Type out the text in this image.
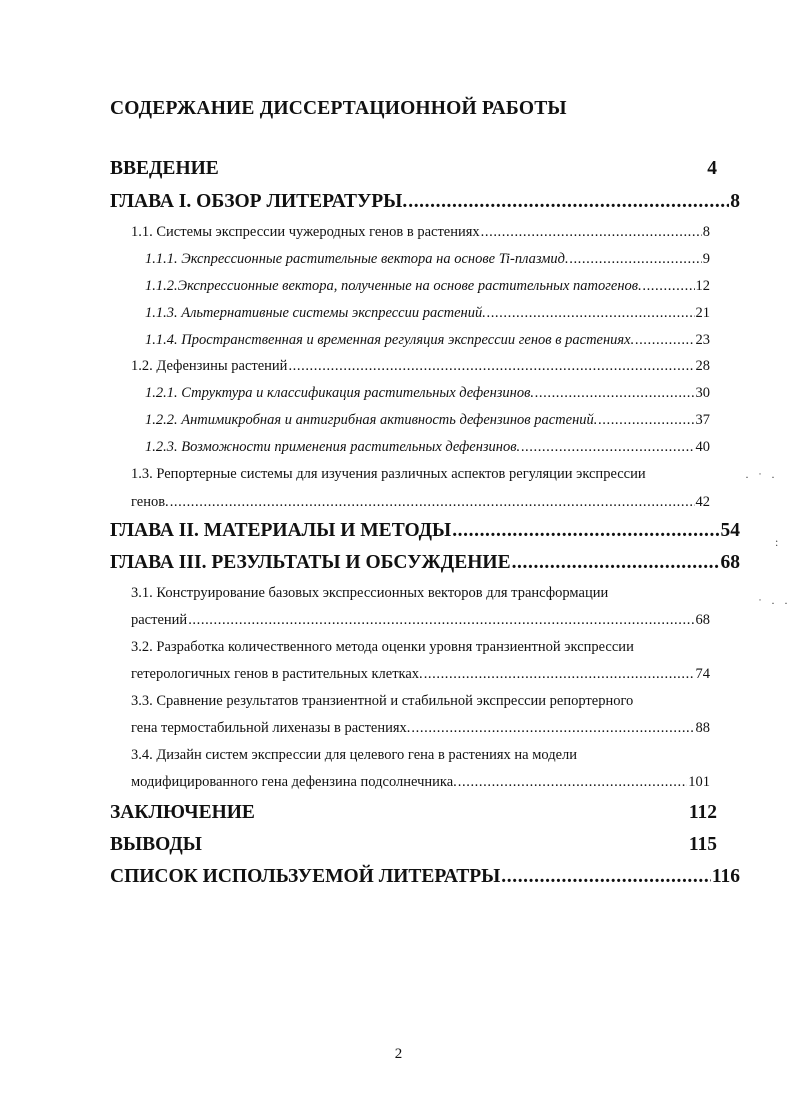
СОДЕРЖАНИЕ ДИССЕРТАЦИОННОЙ РАБОТЫ
ВВЕДЕНИЕ	4
ГЛАВА I. ОБЗОР ЛИТЕРАТУРЫ. .....	8
1.1. Системы экспрессии чужеродных генов в растениях .....	8
1.1.1. Экспрессионные растительные вектора на основе Ti-плазмид. .....	9
1.1.2.Экспрессионные вектора, полученные на основе растительных патогенов. .....	12
1.1.3. Альтернативные системы экспрессии растений. .....	21
1.1.4. Пространственная и временная регуляция экспрессии генов в растениях. .....	23
1.2. Дефензины растений .....	28
1.2.1. Структура и классификация растительных дефензинов. .....	30
1.2.2. Антимикробная и антигрибная активность дефензинов растений. .....	37
1.2.3. Возможности применения растительных дефензинов. .....	40
1.3. Репортерные системы для изучения различных аспектов регуляции экспрессии
генов. .....	42
ГЛАВА II. МАТЕРИАЛЫ И МЕТОДЫ .....	54
ГЛАВА III. РЕЗУЛЬТАТЫ И ОБСУЖДЕНИЕ .....	68
3.1. Конструирование базовых экспрессионных векторов для трансформации
растений .....	68
3.2. Разработка количественного метода оценки уровня транзиентной экспрессии
гетерологичных генов в растительных клетках. .....	74
3.3. Сравнение результатов транзиентной и стабильной экспрессии репортерного
гена термостабильной лихеназы в растениях. .....	88
3.4. Дизайн систем экспрессии для целевого гена в растениях на модели
модифицированного гена дефензина подсолнечника. .....	101
ЗАКЛЮЧЕНИЕ	112
ВЫВОДЫ	115
СПИСОК ИСПОЛЬЗУЕМОЙ ЛИТЕРАТРЫ .....	116
· ˙ ·
:
˙ · ·
2
